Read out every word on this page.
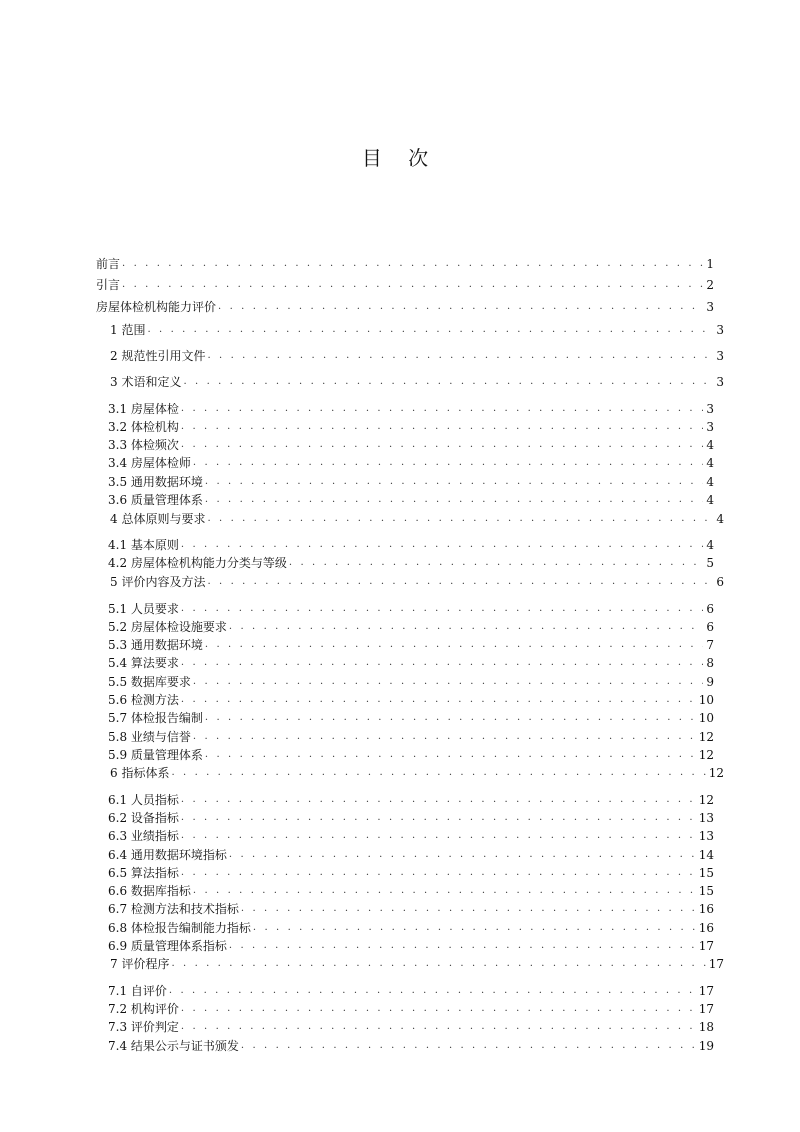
目 次
前言 . . .	1
引言 . . .	2
房屋体检机构能力评价 . . .	3
1 范围 . . .	3
2 规范性引用文件 . . .	3
3 术语和定义 . . .	3
3.1 房屋体检 . . .	3
3.2 体检机构 . . .	3
3.3 体检频次 . . .	4
3.4 房屋体检师 . . .	4
3.5 通用数据环境 . . .	4
3.6 质量管理体系 . . .	4
4 总体原则与要求 . . .	4
4.1 基本原则 . . .	4
4.2 房屋体检机构能力分类与等级 . . .	5
5 评价内容及方法 . . .	6
5.1 人员要求 . . .	6
5.2 房屋体检设施要求 . . .	6
5.3 通用数据环境 . . .	7
5.4 算法要求 . . .	8
5.5 数据库要求 . . .	9
5.6 检测方法 . . .	10
5.7 体检报告编制 . . .	10
5.8 业绩与信誉 . . .	12
5.9 质量管理体系 . . .	12
6 指标体系 . . .	12
6.1 人员指标 . . .	12
6.2 设备指标 . . .	13
6.3 业绩指标 . . .	13
6.4 通用数据环境指标 . . .	14
6.5 算法指标 . . .	15
6.6 数据库指标 . . .	15
6.7 检测方法和技术指标 . . .	16
6.8 体检报告编制能力指标 . . .	16
6.9 质量管理体系指标 . . .	17
7 评价程序 . . .	17
7.1 自评价 . . .	17
7.2 机构评价 . . .	17
7.3 评价判定 . . .	18
7.4 结果公示与证书颁发 . . .	19
